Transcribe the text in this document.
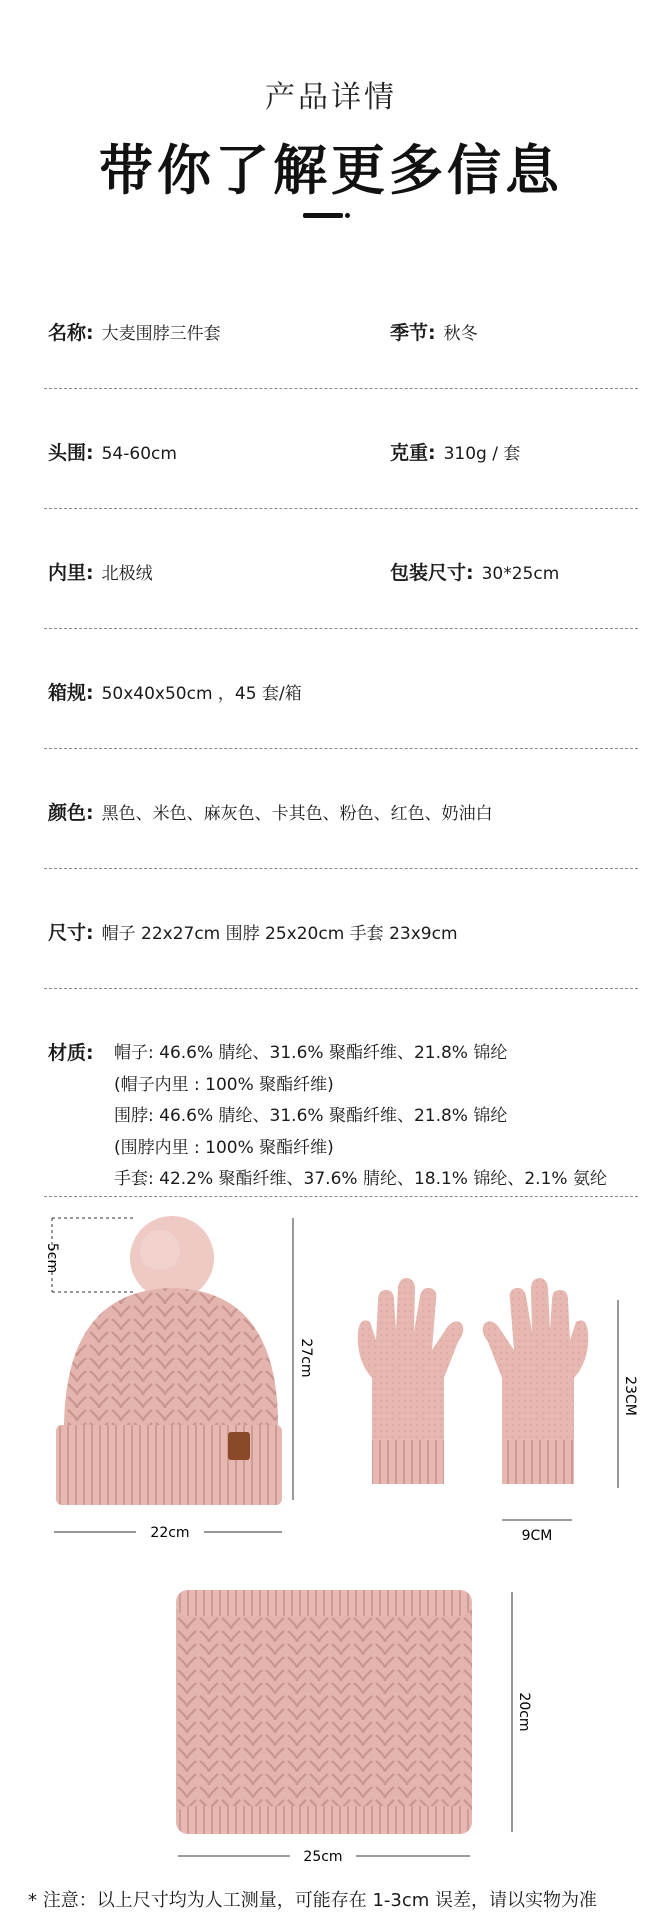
产品详情
带你了解更多信息
名称: 大麦围脖三件套	季节: 秋冬
头围: 54-60cm	克重: 310g / 套
内里: 北极绒	包装尺寸: 30*25cm
箱规: 50x40x50cm ，45 套/箱
颜色: 黑色、米色、麻灰色、卡其色、粉色、红色、奶油白
尺寸: 帽子 22x27cm 围脖 25x20cm 手套 23x9cm
材质: 帽子: 46.6% 腈纶、31.6% 聚酯纤维、21.8% 锦纶
(帽子内里 : 100% 聚酯纤维)
围脖: 46.6% 腈纶、31.6% 聚酯纤维、21.8% 锦纶
(围脖内里 : 100% 聚酯纤维)
手套: 42.2% 聚酯纤维、37.6% 腈纶、18.1% 锦纶、2.1% 氨纶
5cm
27cm
22cm
23CM
9CM
20cm
25cm
* 注意：以上尺寸均为人工测量，可能存在 1-3cm 误差，请以实物为准
